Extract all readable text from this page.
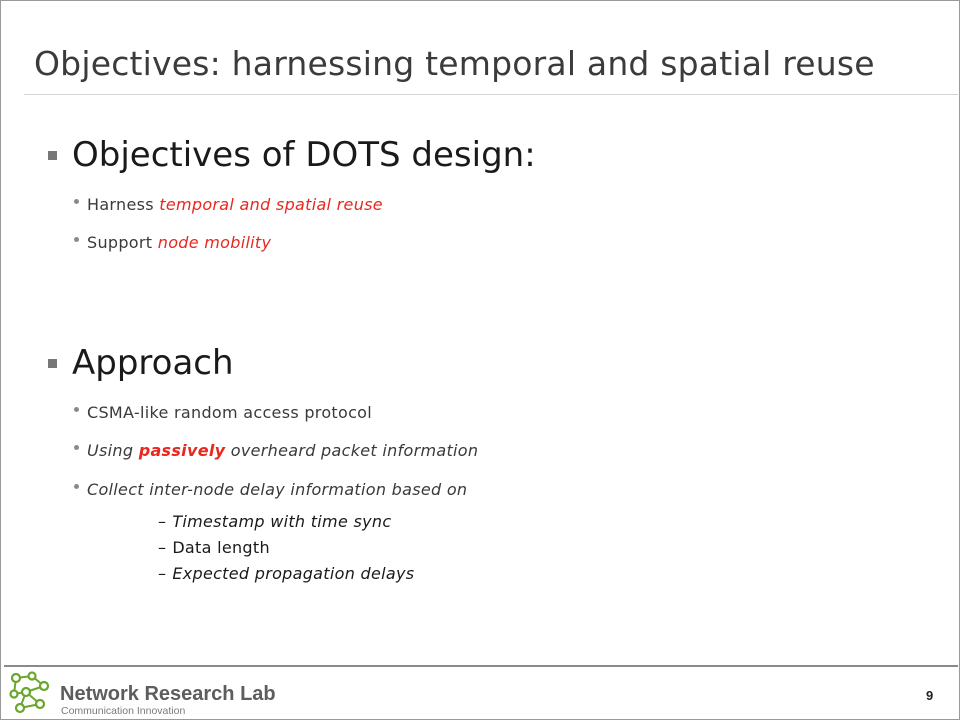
Objectives: harnessing temporal and spatial reuse
Objectives of DOTS design:
Harness temporal and spatial reuse
Support node mobility
Approach
CSMA-like random access protocol
Using passively overheard packet information
Collect inter-node delay information based on
– Timestamp with time sync
– Data length
– Expected propagation delays
Network Research Lab
Communication Innovation
9
